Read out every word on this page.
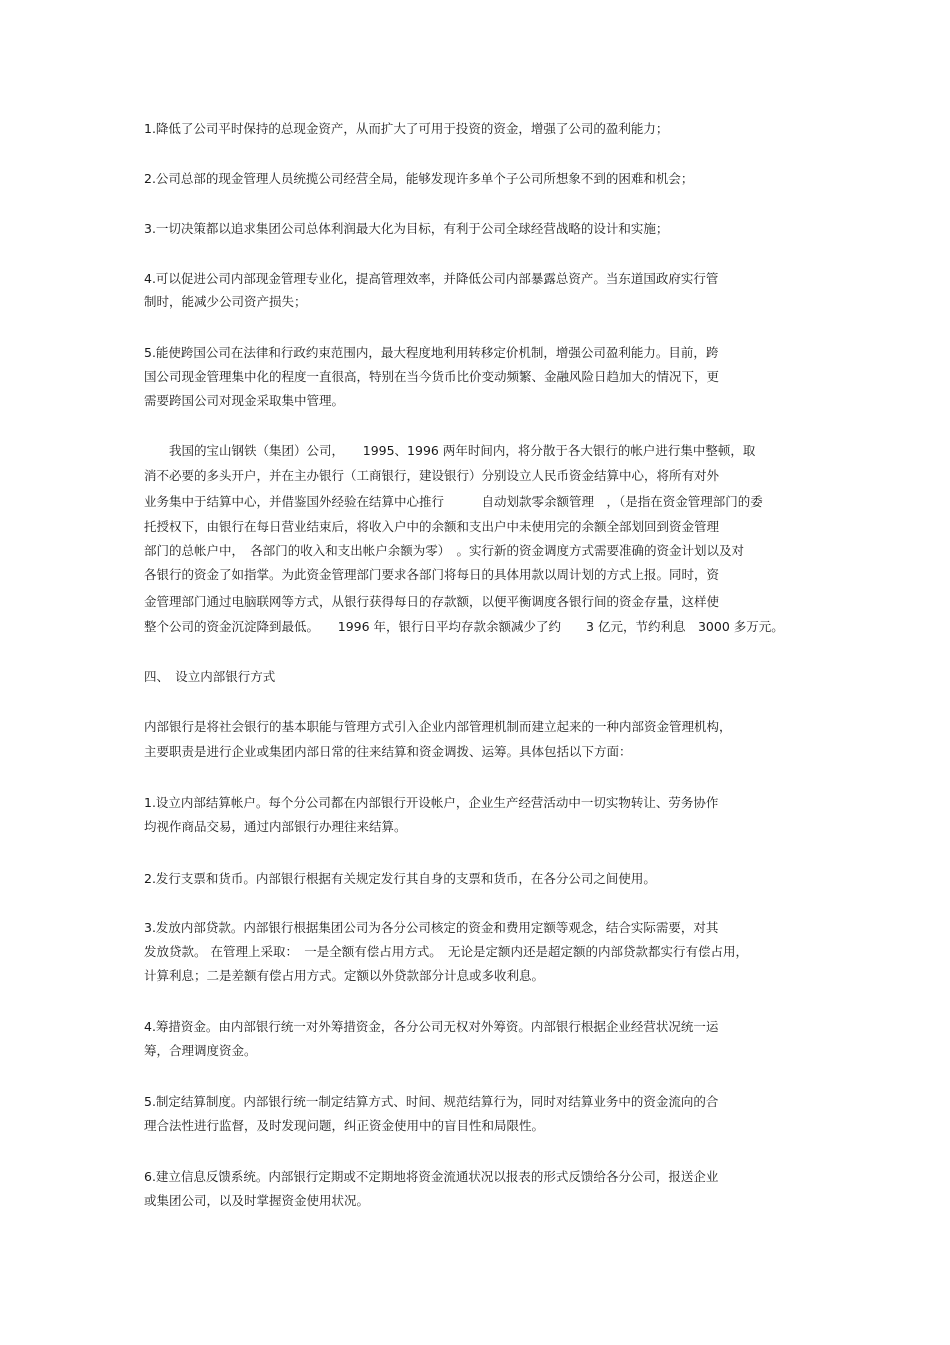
1.降低了公司平时保持的总现金资产，从而扩大了可用于投资的资金，增强了公司的盈利能力；

2.公司总部的现金管理人员统揽公司经营全局，能够发现许多单个子公司所想象不到的困难和机会；

3.一切决策都以追求集团公司总体利润最大化为目标，有利于公司全球经营战略的设计和实施；

4.可以促进公司内部现金管理专业化，提高管理效率，并降低公司内部暴露总资产。当东道国政府实行管

制时，能减少公司资产损失；

5.能使跨国公司在法律和行政约束范围内，最大程度地利用转移定价机制，增强公司盈利能力。目前，跨

国公司现金管理集中化的程度一直很高，特别在当今货币比价变动频繁、金融风险日趋加大的情况下，更

需要跨国公司对现金采取集中管理。

　　我国的宝山钢铁（集团）公司，　　1995、1996 两年时间内，将分散于各大银行的帐户进行集中整顿，取

消不必要的多头开户，并在主办银行（工商银行，建设银行）分别设立人民币资金结算中心，将所有对外

业务集中于结算中心，并借鉴国外经验在结算中心推行　　　自动划款零余额管理　，（是指在资金管理部门的委

托授权下，由银行在每日营业结束后，将收入户中的余额和支出户中未使用完的余额全部划回到资金管理

部门的总帐户中，　各部门的收入和支出帐户余额为零）　。实行新的资金调度方式需要准确的资金计划以及对

各银行的资金了如指掌。为此资金管理部门要求各部门将每日的具体用款以周计划的方式上报。同时，资

金管理部门通过电脑联网等方式，从银行获得每日的存款额，以便平衡调度各银行间的资金存量，这样使

整个公司的资金沉淀降到最低。　　1996 年，银行日平均存款余额减少了约　　3 亿元，节约利息　3000 多万元。

四、　设立内部银行方式

内部银行是将社会银行的基本职能与管理方式引入企业内部管理机制而建立起来的一种内部资金管理机构，

主要职责是进行企业或集团内部日常的往来结算和资金调拨、运筹。具体包括以下方面：

1.设立内部结算帐户。每个分公司都在内部银行开设帐户，企业生产经营活动中一切实物转让、劳务协作

均视作商品交易，通过内部银行办理往来结算。

2.发行支票和货币。内部银行根据有关规定发行其自身的支票和货币，在各分公司之间使用。

3.发放内部贷款。内部银行根据集团公司为各分公司核定的资金和费用定额等观念，结合实际需要，对其

发放贷款。 在管理上采取：　一是全额有偿占用方式。　无论是定额内还是超定额的内部贷款都实行有偿占用，

计算利息；二是差额有偿占用方式。定额以外贷款部分计息或多收利息。

4.筹措资金。由内部银行统一对外筹措资金，各分公司无权对外筹资。内部银行根据企业经营状况统一运

筹，合理调度资金。

5.制定结算制度。内部银行统一制定结算方式、时间、规范结算行为，同时对结算业务中的资金流向的合

理合法性进行监督，及时发现问题，纠正资金使用中的盲目性和局限性。

6.建立信息反馈系统。内部银行定期或不定期地将资金流通状况以报表的形式反馈给各分公司，报送企业

或集团公司，以及时掌握资金使用状况。
